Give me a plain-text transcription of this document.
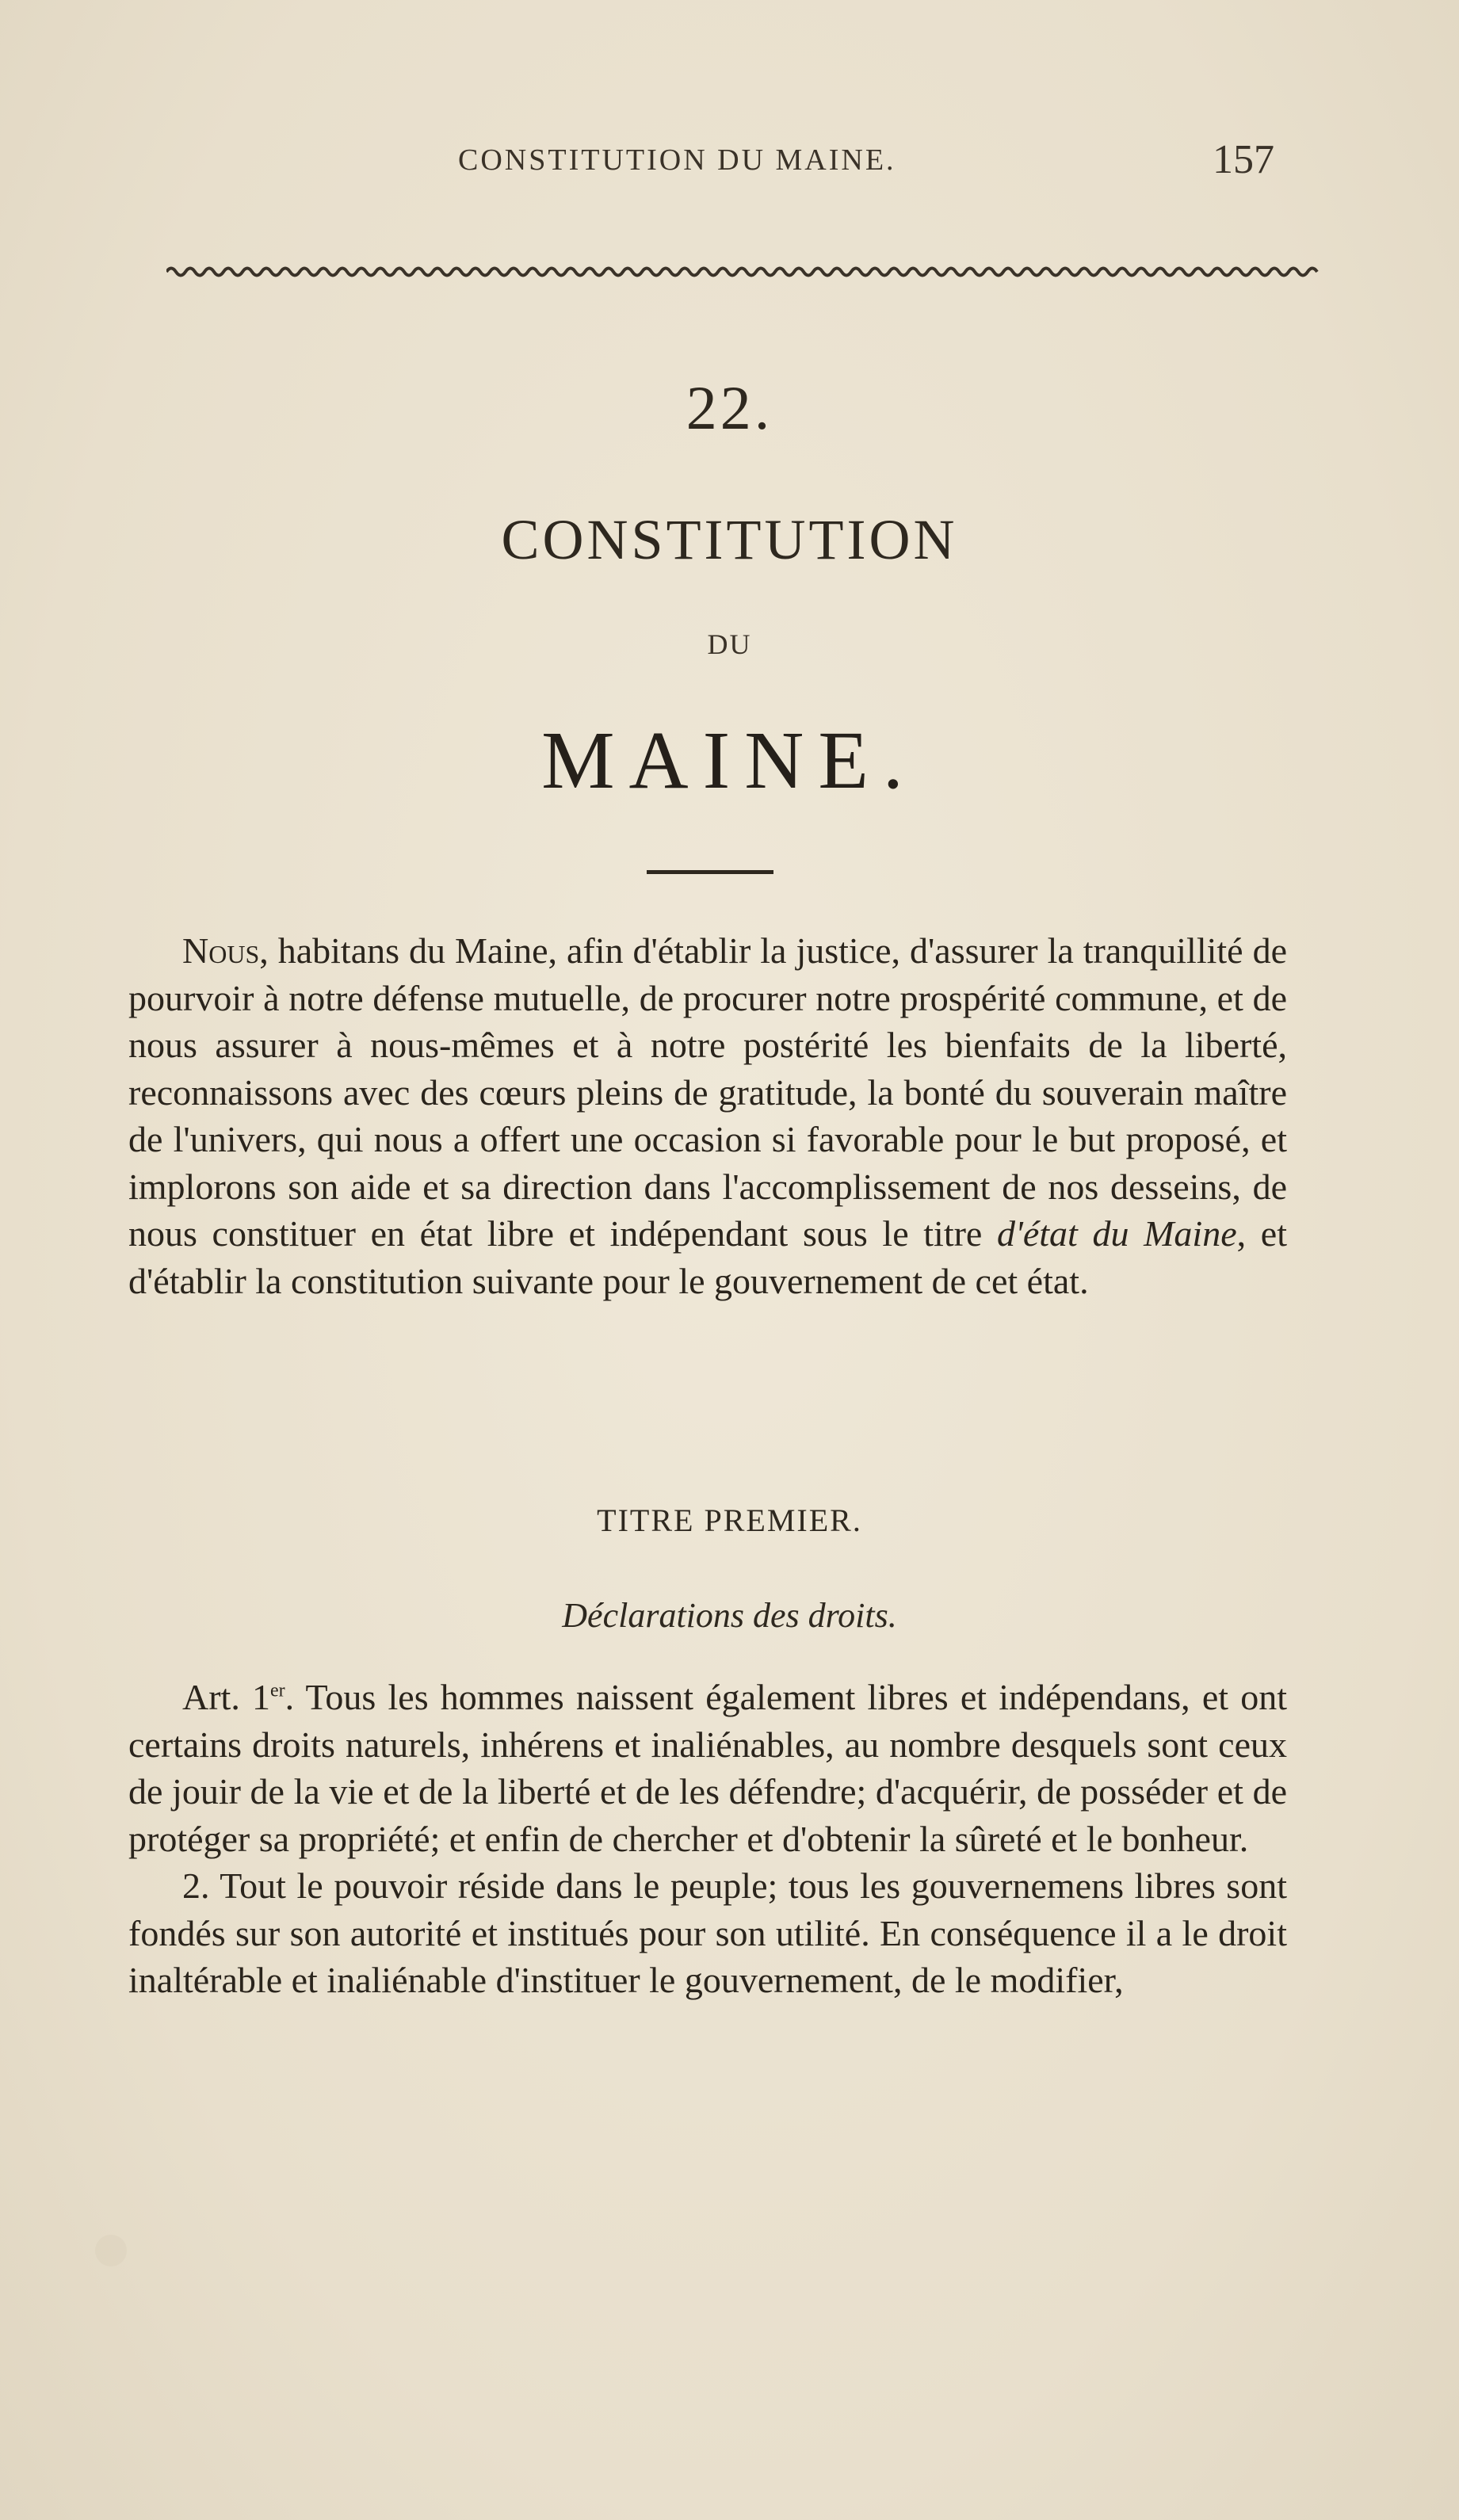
CONSTITUTION DU MAINE.	157
22.
CONSTITUTION
DU
MAINE.
Nous, habitans du Maine, afin d'établir la justice, d'assurer la tranquillité de pourvoir à notre défense mutuelle, de procurer notre prospérité commune, et de nous assurer à nous-mêmes et à notre postérité les bienfaits de la liberté, reconnaissons avec des cœurs pleins de gratitude, la bonté du souverain maître de l'univers, qui nous a offert une occasion si favorable pour le but proposé, et implorons son aide et sa direction dans l'accomplissement de nos desseins, de nous constituer en état libre et indépendant sous le titre d'état du Maine, et d'établir la constitution suivante pour le gouvernement de cet état.
TITRE PREMIER.
Déclarations des droits.

Art. 1er. Tous les hommes naissent également libres et indépendans, et ont certains droits naturels, inhérens et inaliénables, au nombre desquels sont ceux de jouir de la vie et de la liberté et de les défendre; d'acquérir, de posséder et de protéger sa propriété; et enfin de chercher et d'obtenir la sûreté et le bonheur.

2. Tout le pouvoir réside dans le peuple; tous les gouvernemens libres sont fondés sur son autorité et institués pour son utilité. En conséquence il a le droit inaltérable et inaliénable d'instituer le gouvernement, de le modifier,
